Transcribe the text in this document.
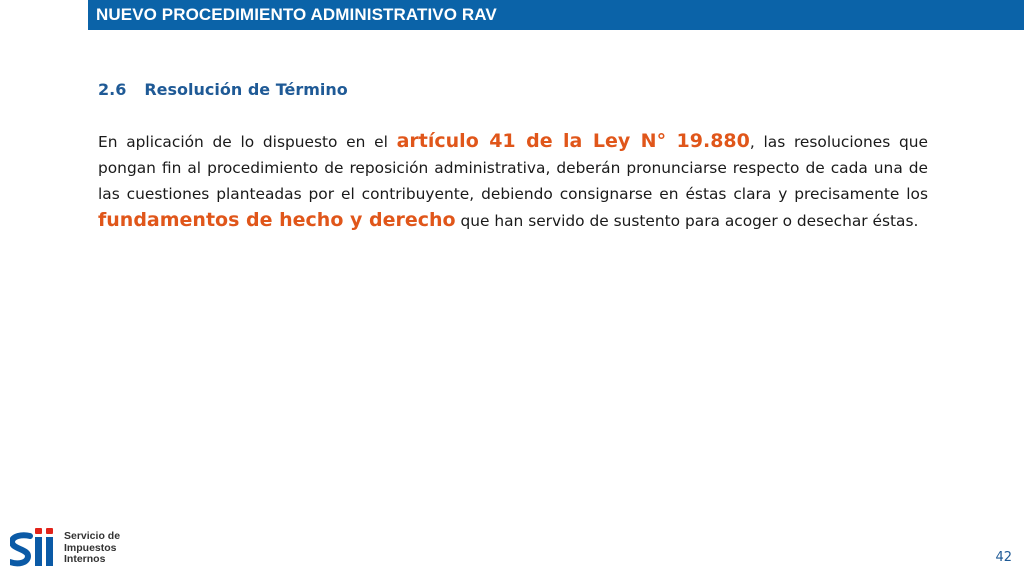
NUEVO PROCEDIMIENTO ADMINISTRATIVO RAV
2.6 Resolución de Término
En aplicación de lo dispuesto en el artículo 41 de la Ley N° 19.880, las resoluciones que pongan fin al procedimiento de reposición administrativa, deberán pronunciarse respecto de cada una de las cuestiones planteadas por el contribuyente, debiendo consignarse en éstas clara y precisamente los fundamentos de hecho y derecho que han servido de sustento para acoger o desechar éstas.
Servicio de
Impuestos
Internos	42
